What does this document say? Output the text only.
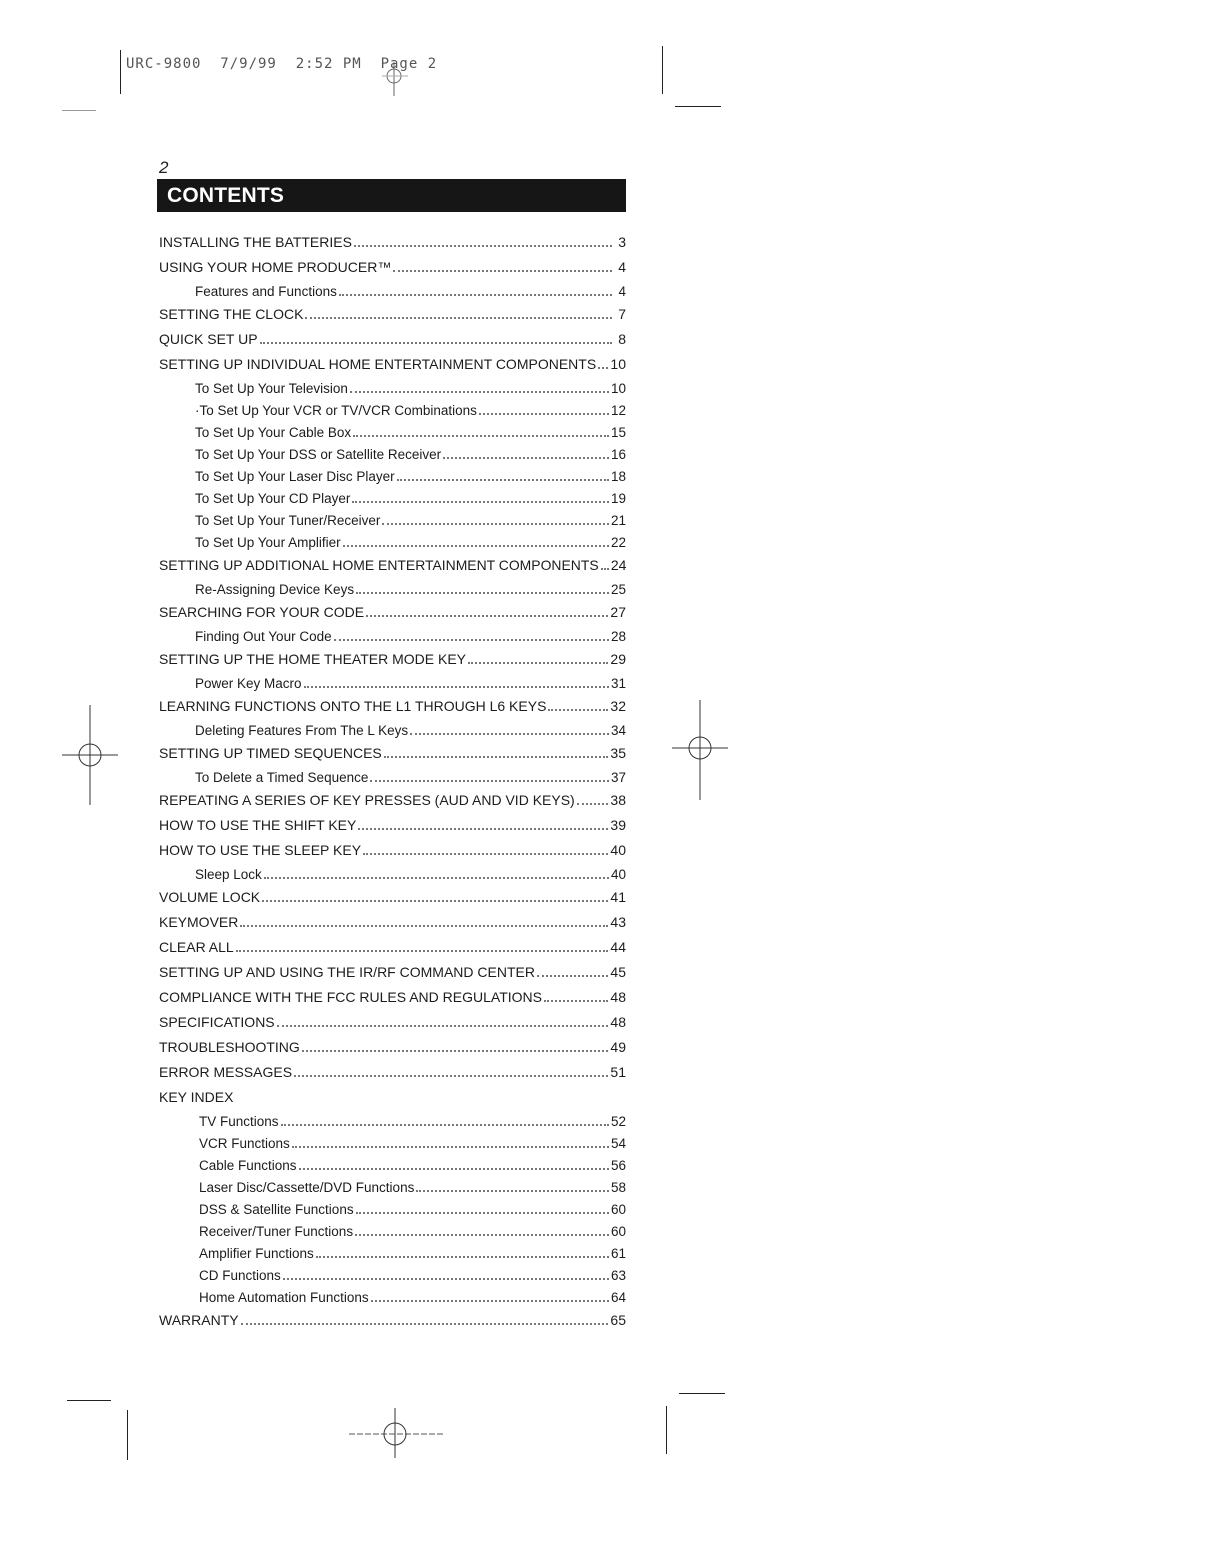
URC-9800  7/9/99  2:52 PM  Page 2
2
CONTENTS
INSTALLING THE BATTERIES	3
USING YOUR HOME PRODUCER™	4
Features and Functions	4
SETTING THE CLOCK	7
QUICK SET UP	8
SETTING UP INDIVIDUAL HOME ENTERTAINMENT COMPONENTS 10
To Set Up Your Television	10
·To Set Up Your VCR or TV/VCR Combinations	12
To Set Up Your Cable Box	15
To Set Up Your DSS or Satellite Receiver	16
To Set Up Your Laser Disc Player	18
To Set Up Your CD Player	19
To Set Up Your Tuner/Receiver	21
To Set Up Your Amplifier	22
SETTING UP ADDITIONAL HOME ENTERTAINMENT COMPONENTS 24
Re-Assigning Device Keys	25
SEARCHING FOR YOUR CODE	27
Finding Out Your Code	28
SETTING UP THE HOME THEATER MODE KEY	29
Power Key Macro	31
LEARNING FUNCTIONS ONTO THE L1 THROUGH L6 KEYS	32
Deleting Features From The L Keys	34
SETTING UP TIMED SEQUENCES	35
To Delete a Timed Sequence	37
REPEATING A SERIES OF KEY PRESSES (AUD AND VID KEYS)	38
HOW TO USE THE SHIFT KEY	39
HOW TO USE THE SLEEP KEY	40
Sleep Lock	40
VOLUME LOCK	41
KEYMOVER	43
CLEAR ALL	44
SETTING UP AND USING THE IR/RF COMMAND CENTER	45
COMPLIANCE WITH THE FCC RULES AND REGULATIONS	48
SPECIFICATIONS	48
TROUBLESHOOTING	49
ERROR MESSAGES	51
KEY INDEX
TV Functions	52
VCR Functions	54
Cable Functions	56
Laser Disc/Cassette/DVD Functions	58
DSS & Satellite Functions	60
Receiver/Tuner Functions	60
Amplifier Functions	61
CD Functions	63
Home Automation Functions	64
WARRANTY	65
